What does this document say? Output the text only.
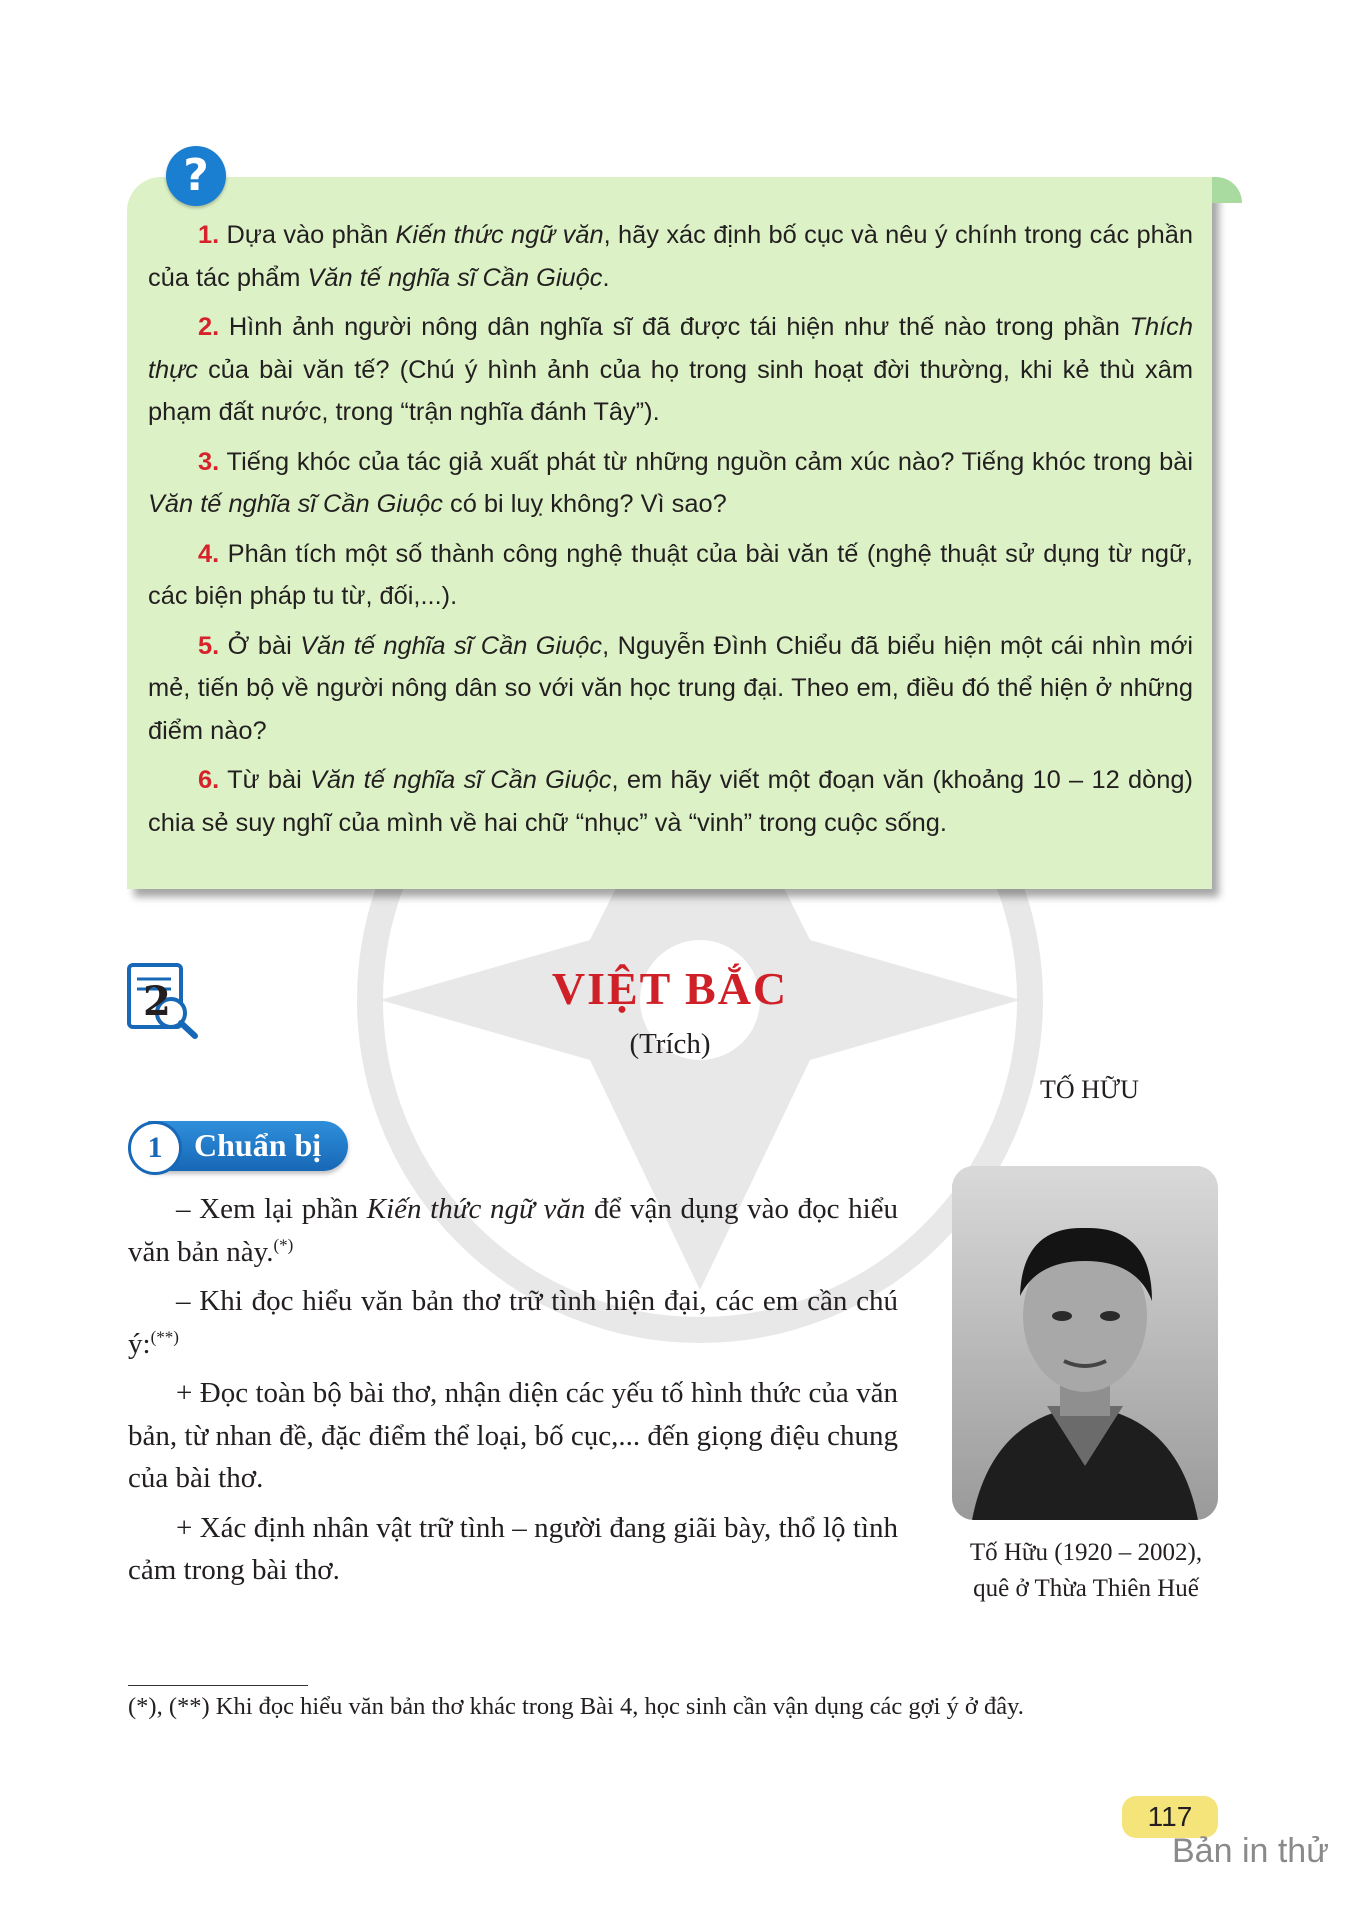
?

1. Dựa vào phần Kiến thức ngữ văn, hãy xác định bố cục và nêu ý chính trong các phần của tác phẩm Văn tế nghĩa sĩ Cần Giuộc.

2. Hình ảnh người nông dân nghĩa sĩ đã được tái hiện như thế nào trong phần Thích thực của bài văn tế? (Chú ý hình ảnh của họ trong sinh hoạt đời thường, khi kẻ thù xâm phạm đất nước, trong “trận nghĩa đánh Tây”).

3. Tiếng khóc của tác giả xuất phát từ những nguồn cảm xúc nào? Tiếng khóc trong bài Văn tế nghĩa sĩ Cần Giuộc có bi luỵ không? Vì sao?

4. Phân tích một số thành công nghệ thuật của bài văn tế (nghệ thuật sử dụng từ ngữ, các biện pháp tu từ, đối,...).

5. Ở bài Văn tế nghĩa sĩ Cần Giuộc, Nguyễn Đình Chiểu đã biểu hiện một cái nhìn mới mẻ, tiến bộ về người nông dân so với văn học trung đại. Theo em, điều đó thể hiện ở những điểm nào?

6. Từ bài Văn tế nghĩa sĩ Cần Giuộc, em hãy viết một đoạn văn (khoảng 10 – 12 dòng) chia sẻ suy nghĩ của mình về hai chữ “nhục” và “vinh” trong cuộc sống.

2	VIỆT BẮC
(Trích)
TỐ HỮU
1 Chuẩn bị

– Xem lại phần Kiến thức ngữ văn để vận dụng vào đọc hiểu văn bản này.(*)

– Khi đọc hiểu văn bản thơ trữ tình hiện đại, các em cần chú ý:(**)

+ Đọc toàn bộ bài thơ, nhận diện các yếu tố hình thức của văn bản, từ nhan đề, đặc điểm thể loại, bố cục,... đến giọng điệu chung của bài thơ.

+ Xác định nhân vật trữ tình – người đang giãi bày, thổ lộ tình cảm trong bài thơ.

Tố Hữu (1920 – 2002),
quê ở Thừa Thiên Huế
(*), (**) Khi đọc hiểu văn bản thơ khác trong Bài 4, học sinh cần vận dụng các gợi ý ở đây.
117
Bản in thử
